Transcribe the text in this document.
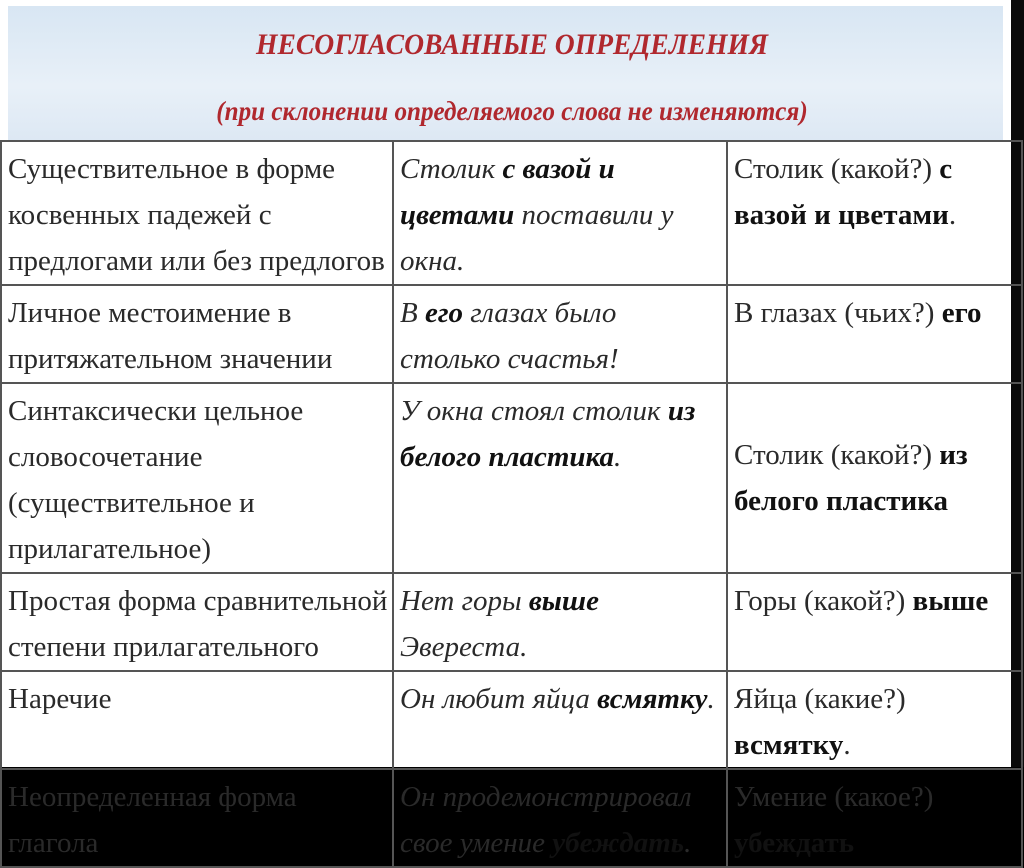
НЕСОГЛАСОВАННЫЕ ОПРЕДЕЛЕНИЯ
(при склонении определяемого слова не изменяются)
Существительное в форме косвенных падежей с предлогами или без предлогов	Столик с вазой и цветами поставили у окна.	Столик (какой?) с вазой и цветами.
Личное местоимение в притяжательном значении	В его глазах было столько счастья!	В глазах (чьих?) его
Синтаксически цельное словосочетание (существительное и прилагательное)	У окна стоял столик из белого пластика.	Столик (какой?) из белого пластика
Простая форма сравнительной степени прилагательного	Нет горы выше Эвереста.	Горы (какой?) выше
Наречие	Он любит яйца всмятку.	Яйца (какие?) всмятку.
Неопределенная форма глагола	Он продемонстрировал свое умение убеждать.	Умение (какое?) убеждать
